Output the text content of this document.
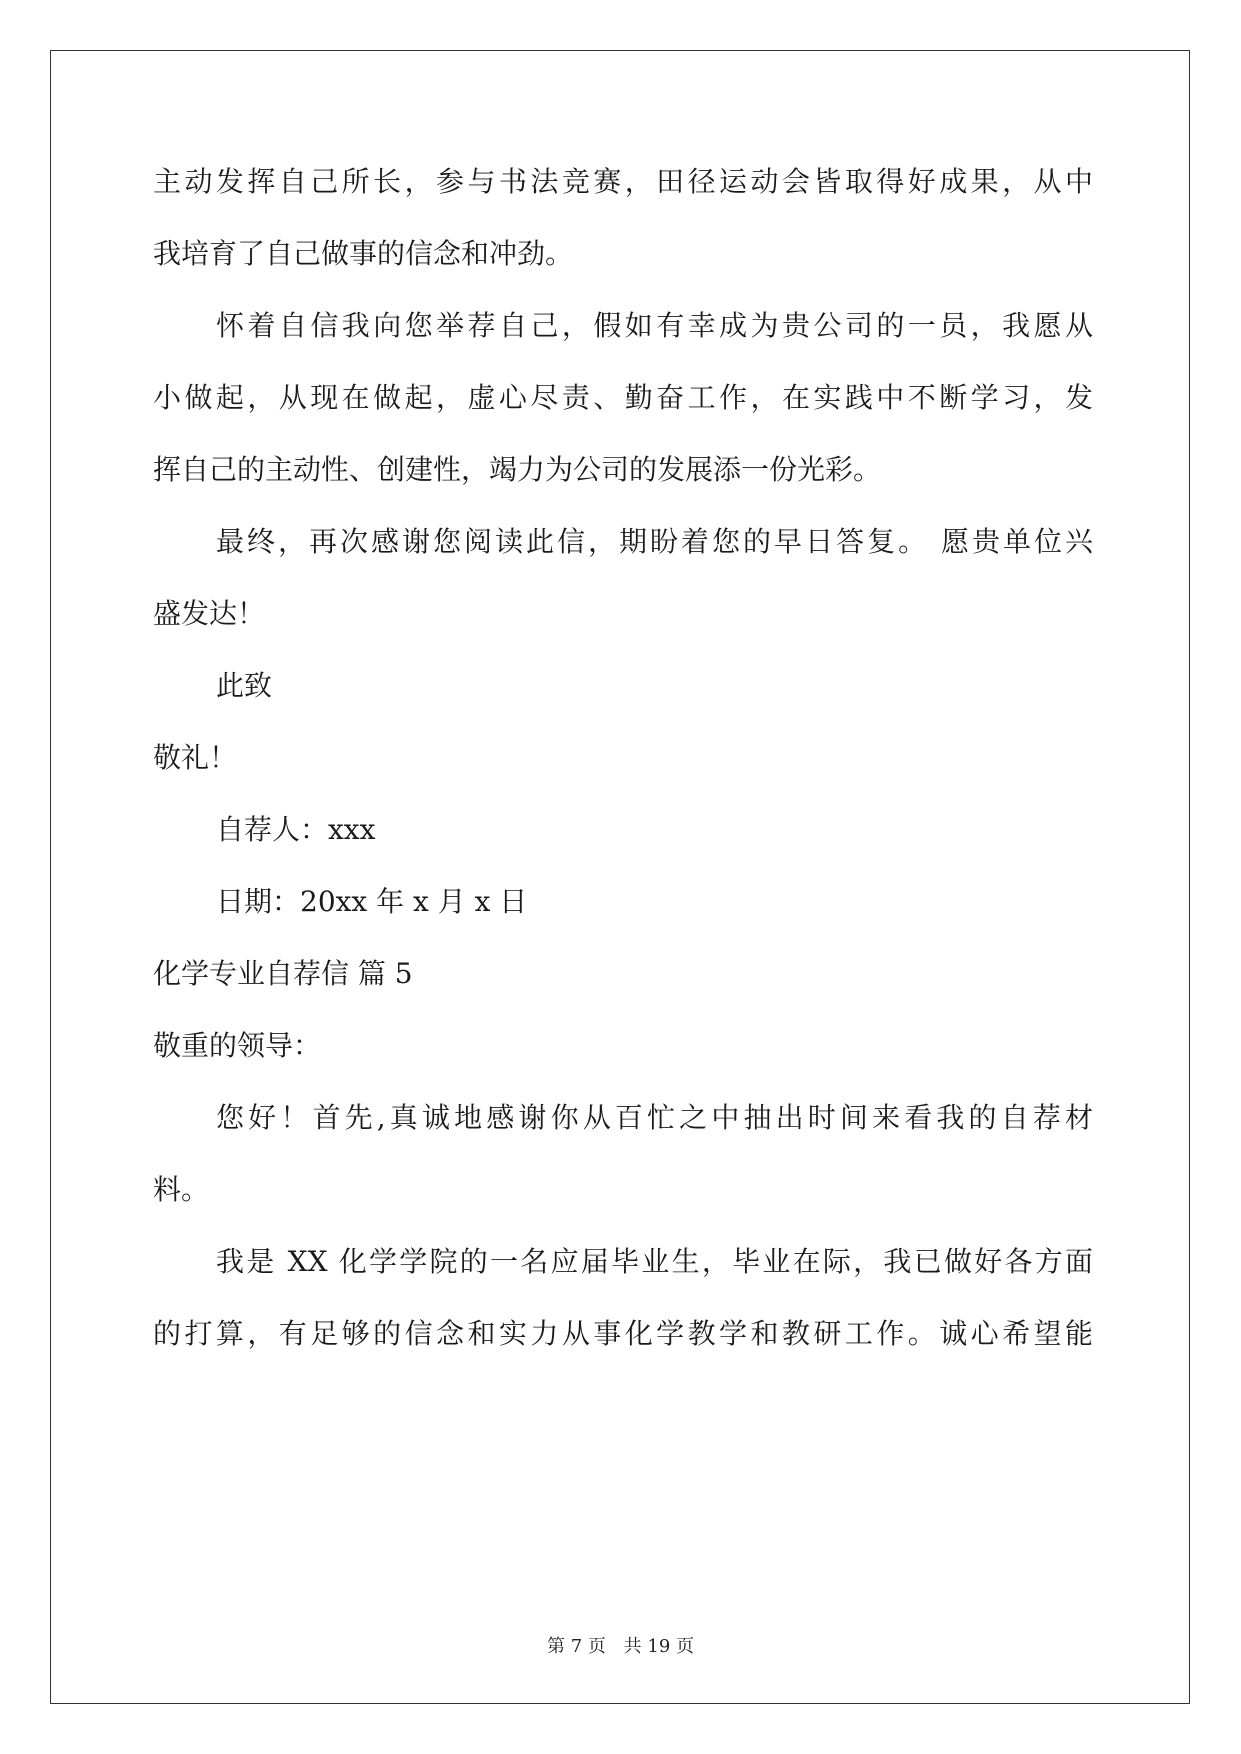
主动发挥自己所长，参与书法竞赛，田径运动会皆取得好成果，从中
我培育了自己做事的信念和冲劲。
怀着自信我向您举荐自己，假如有幸成为贵公司的一员，我愿从
小做起，从现在做起，虚心尽责、勤奋工作，在实践中不断学习，发
挥自己的主动性、创建性，竭力为公司的发展添一份光彩。
最终，再次感谢您阅读此信，期盼着您的早日答复。 愿贵单位兴
盛发达！
此致
敬礼！
自荐人：xxx
日期：20xx 年 x 月 x 日
化学专业自荐信 篇 5
敬重的领导：
您好！首先,真诚地感谢你从百忙之中抽出时间来看我的自荐材
料。
我是 XX 化学学院的一名应届毕业生，毕业在际，我已做好各方面
的打算，有足够的信念和实力从事化学教学和教研工作。诚心希望能
第 7 页 共 19 页
